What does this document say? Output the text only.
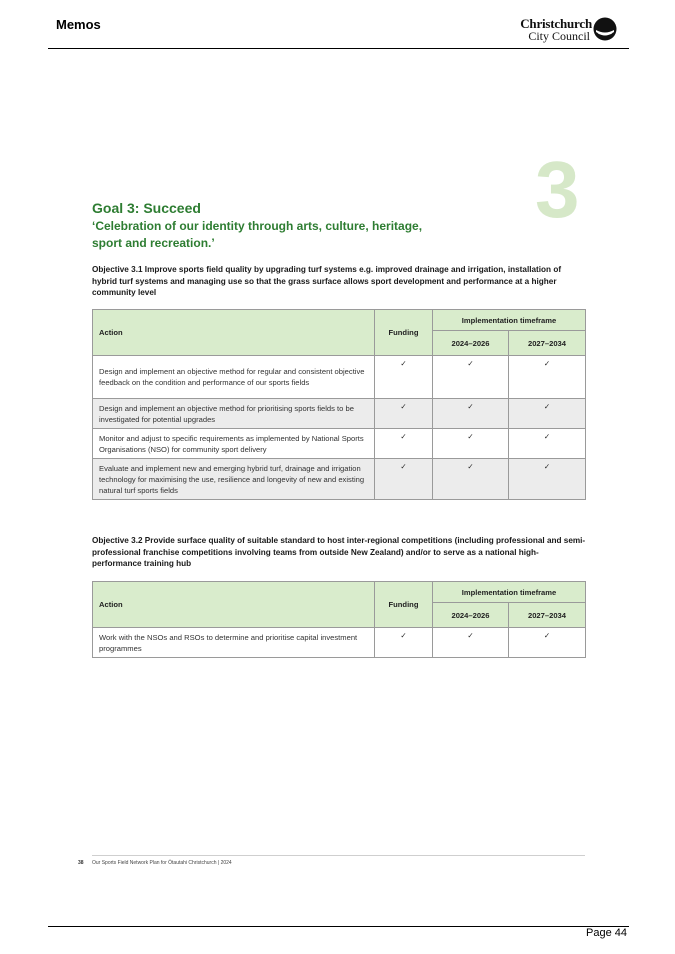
Memos	Christchurch
City Council
3
Goal 3: Succeed
‘Celebration of our identity through arts, culture, heritage, sport and recreation.’
Objective 3.1 Improve sports field quality by upgrading turf systems e.g. improved drainage and irrigation, installation of hybrid turf systems and managing use so that the grass surface allows sport development and performance at a higher community level
Action	Funding	Implementation timeframe	
		2024–2026	2027–2034
Design and implement an objective method for regular and consistent objective feedback on the condition and performance of our sports fields	✓	✓	✓
Design and implement an objective method for prioritising sports fields to be investigated for potential upgrades	✓	✓	✓
Monitor and adjust to specific requirements as implemented by National Sports Organisations (NSO) for community sport delivery	✓	✓	✓
Evaluate and implement new and emerging hybrid turf, drainage and irrigation technology for maximising the use, resilience and longevity of new and existing natural turf sports fields	✓	✓	✓
Objective 3.2 Provide surface quality of suitable standard to host inter-regional competitions (including professional and semi-professional franchise competitions involving teams from outside New Zealand) and/or to serve as a national high-performance training hub
Action	Funding	Implementation timeframe	
		2024–2026	2027–2034
Work with the NSOs and RSOs to determine and prioritise capital investment programmes	✓	✓	✓
38 Our Sports Field Network Plan for Ōtautahi Christchurch | 2024
Page 44
